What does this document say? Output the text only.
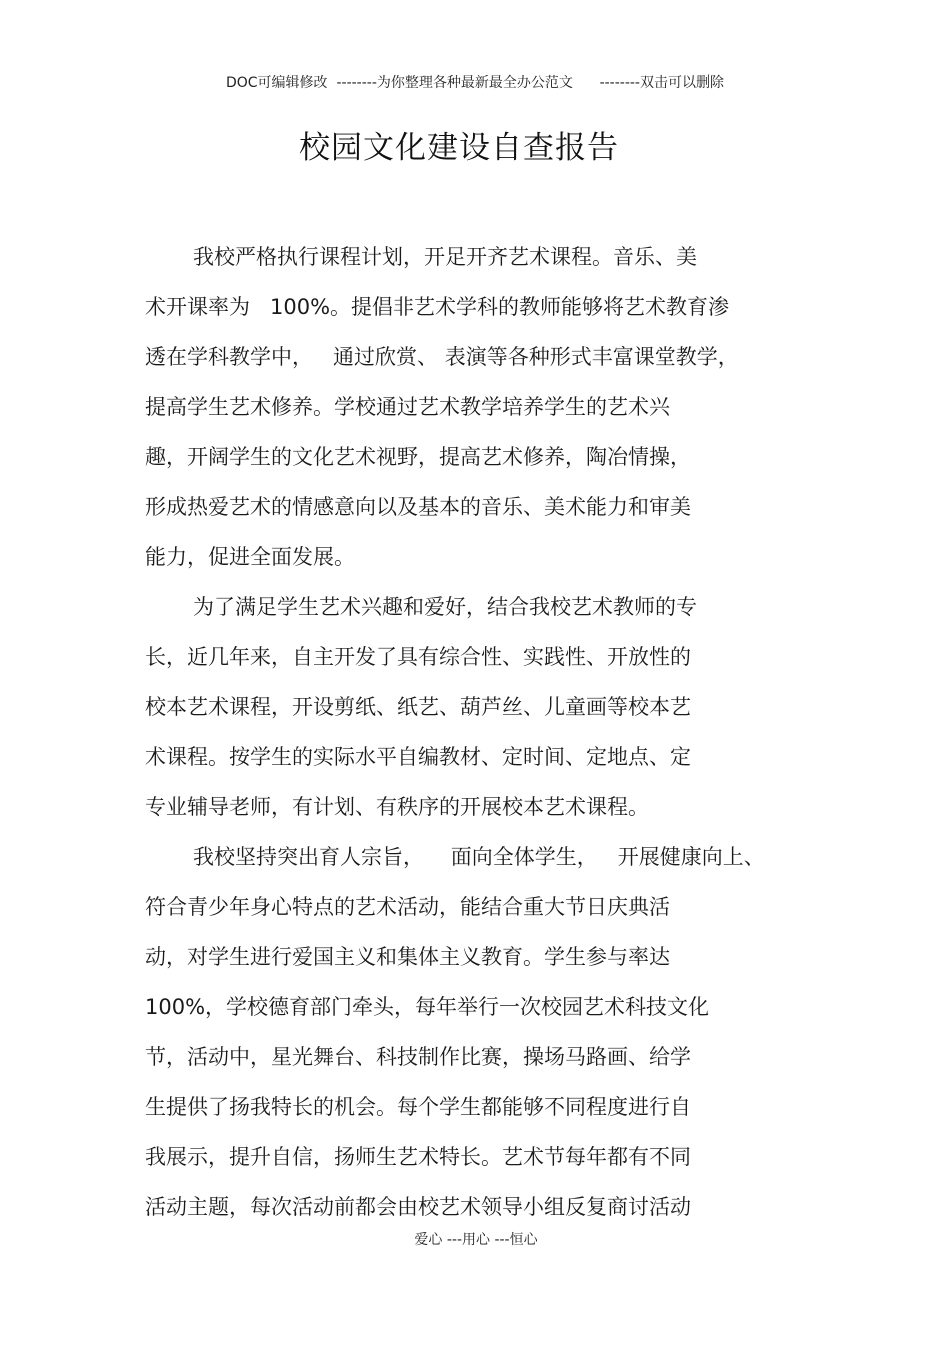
DOC可编辑修改  --------为你整理各种最新最全办公范文      --------双击可以删除
校园文化建设自查报告
我校严格执行课程计划，开足开齐艺术课程。音乐、美
术开课率为   100%。提倡非艺术学科的教师能够将艺术教育渗
透在学科教学中，   通过欣赏、 表演等各种形式丰富课堂教学，
提高学生艺术修养。学校通过艺术教学培养学生的艺术兴
趣，开阔学生的文化艺术视野，提高艺术修养，陶冶情操，
形成热爱艺术的情感意向以及基本的音乐、美术能力和审美
能力，促进全面发展。
为了满足学生艺术兴趣和爱好，结合我校艺术教师的专
长，近几年来，自主开发了具有综合性、实践性、开放性的
校本艺术课程，开设剪纸、纸艺、葫芦丝、儿童画等校本艺
术课程。按学生的实际水平自编教材、定时间、定地点、定
专业辅导老师，有计划、有秩序的开展校本艺术课程。
我校坚持突出育人宗旨，    面向全体学生，   开展健康向上、
符合青少年身心特点的艺术活动，能结合重大节日庆典活
动，对学生进行爱国主义和集体主义教育。学生参与率达
100%，学校德育部门牵头，每年举行一次校园艺术科技文化
节，活动中，星光舞台、科技制作比赛，操场马路画、给学
生提供了扬我特长的机会。每个学生都能够不同程度进行自
我展示，提升自信，扬师生艺术特长。艺术节每年都有不同
活动主题，每次活动前都会由校艺术领导小组反复商讨活动
爱心 ---用心 ---恒心
